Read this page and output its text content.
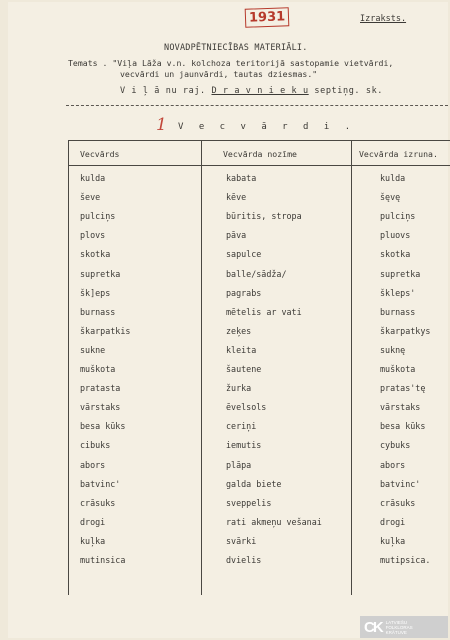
1931	Izraksts.
NOVADPĒTNIECĪBAS MATERIĀLI.
Temats . "Viļa Lāža v.n. kolchoza teritorijā sastopamie vietvārdi,
vecvārdi un jaunvārdi, tautas dziesmas."
V i ļ ā nu raj. D r a v n i e k u septiņg. sk.
1 V e c v ā r d i .
Vecvārds	Vecvārda nozīme	Vecvārda izruna.
kulda	kabata	kulda
ševe	kēve	šęvę
pulciņs	būritis, stropa	pulciņs
plovs	pāva	pluovs
skotka	sapulce	skotka
supretka	balle/sādža/	supretka
šk]eps	pagrabs	škleps'
burnass	mētelis ar vati	burnass
škarpatkis	zeķes	škarpatkys
sukne	kleita	suknę
muškota	šautene	muškota
pratasta	žurka	pratas'tę
vārstaks	ēvelsols	vārstaks
besa kūks	ceriņi	besa kūks
cibuks	iemutis	cybuks
abors	plāpa	abors
batvinc'	galda biete	batvinc'
crāsuks	sveppelis	crāsuks
drogi	rati akmeņu vešanai	drogi
kuļka	svārki	kuļka
mutinsica	dvielis	mutipsica.
CK LATVIEŠU
FOLKLORAS
KRĀTUVE
